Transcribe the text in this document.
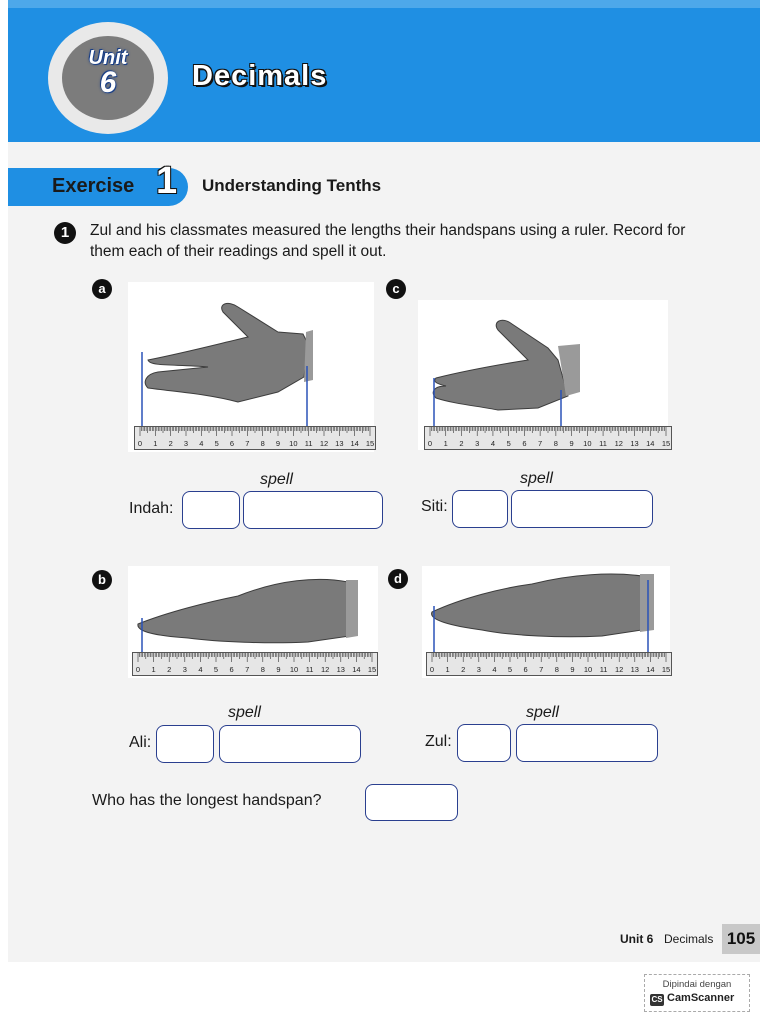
Unit
6	Decimals
Exercise 1 Understanding Tenths
1	Zul and his classmates measured the lengths their handspans using a ruler. Record for them each of their readings and spell it out.
a
spell
Indah:
c
spell
Siti:
b
spell
Ali:
d
spell
Zul:
Who has the longest handspan?
Unit 6 Decimals 105
0 1 2 3 4 5 6 7 8 9 10 11 12 13 14 15	0 1 2 3 4 5 6 7 8 9 10 11 12 13 14 15
0 1 2 3 4 5 6 7 8 9 10 11 12 13 14 15	0 1 2 3 4 5 6 7 8 9 10 11 12 13 14 15
Dipindai dengan
CS CamScanner
